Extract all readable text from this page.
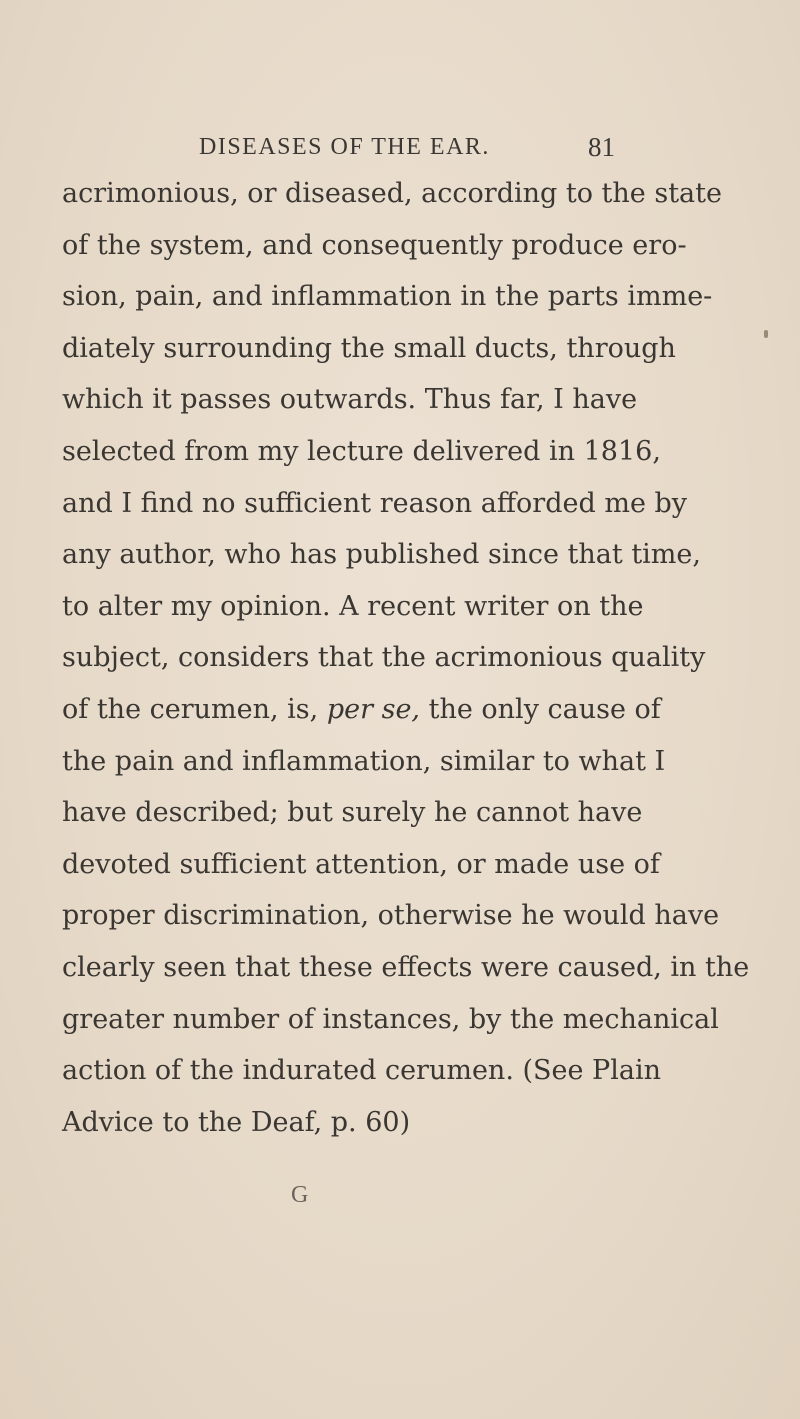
DISEASES OF THE EAR.	81
acrimonious, or diseased, according to the state
of the system, and consequently produce ero-
sion, pain, and inflammation in the parts imme-
diately surrounding the small ducts, through
which it passes outwards. Thus far, I have
selected from my lecture delivered in 1816,
and I find no sufficient reason afforded me by
any author, who has published since that time,
to alter my opinion. A recent writer on the
subject, considers that the acrimonious quality
of the cerumen, is, per se, the only cause of
the pain and inflammation, similar to what I
have described; but surely he cannot have
devoted sufficient attention, or made use of
proper discrimination, otherwise he would have
clearly seen that these effects were caused, in the
greater number of instances, by the mechanical
action of the indurated cerumen. (See Plain
Advice to the Deaf, p. 60)
G
